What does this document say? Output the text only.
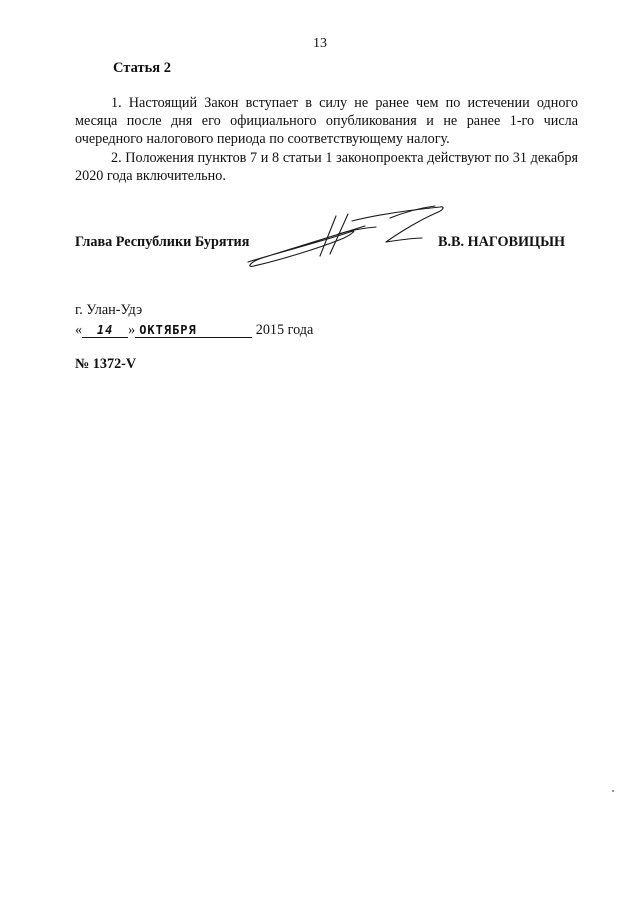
13
Статья 2

1. Настоящий Закон вступает в силу не ранее чем по истечении одного месяца после дня его официального опубликования и не ранее 1-го числа очередного налогового периода по соответствующему налогу.

2. Положения пунктов 7 и 8 статьи 1 законопроекта действуют по 31 декабря 2020 года включительно.

Глава Республики Бурятия	В.В. НАГОВИЦЫН
г. Улан-Удэ
« 14 » ОКТЯБРЯ	2015 года
№ 1372-V
